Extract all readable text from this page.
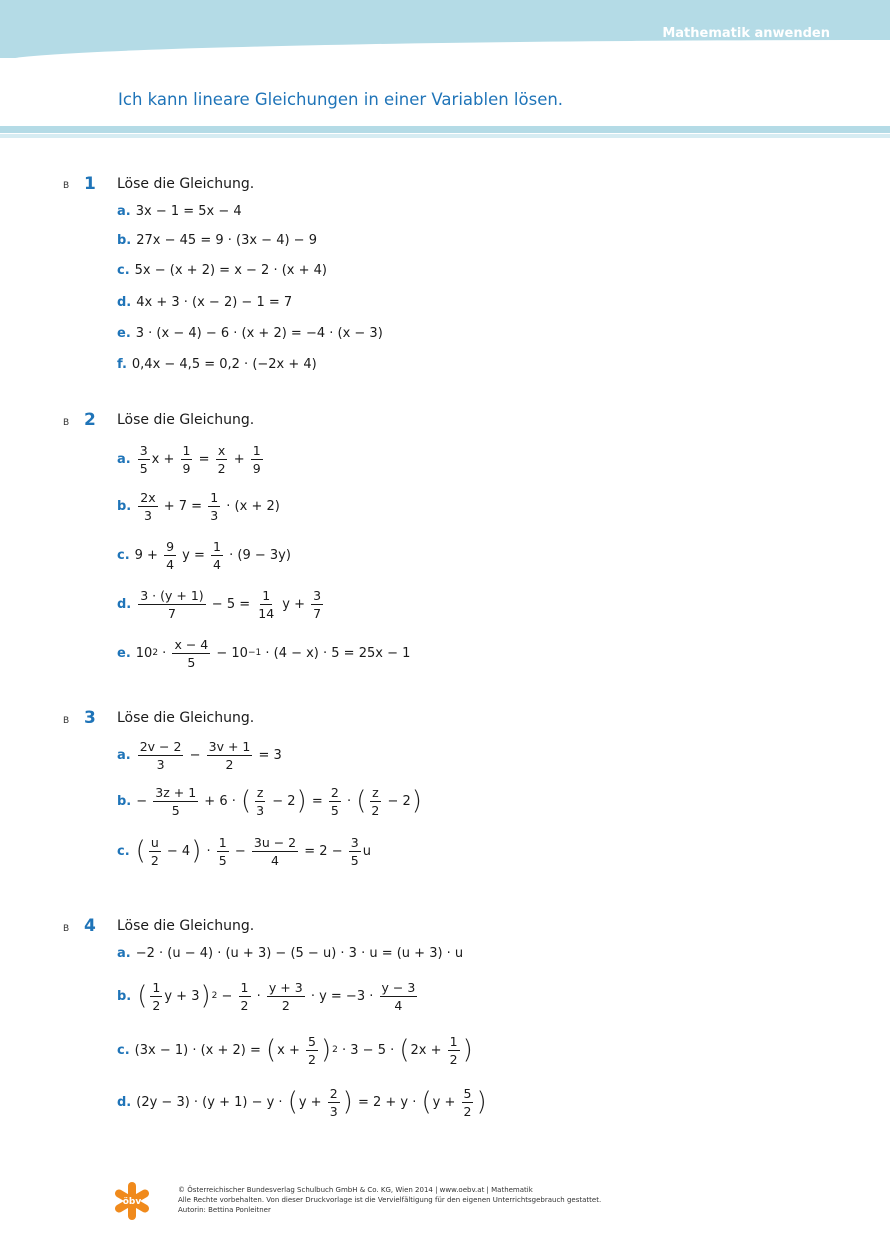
Mathematik anwenden
Ich kann lineare Gleichungen in einer Variablen lösen.
B 1 Löse die Gleichung.
a. 3x − 1 = 5x − 4
b. 27x − 45 = 9 · (3x − 4) − 9
c. 5x − (x + 2) = x − 2 · (x + 4)
d. 4x + 3 · (x − 2) − 1 = 7
e. 3 · (x − 4) − 6 · (x + 2) = −4 · (x − 3)
f. 0,4x − 4,5 = 0,2 · (−2x + 4)
B 2 Löse die Gleichung.
a.
3
5
x +
1
9
=
x
2
+
1
9
b.
2x
3
+ 7 =
1
3
· (x + 2)
c. 9 +
9
4
y =
1
4
· (9 − 3y)
d.
3 · (y + 1)
7
− 5 =
1
14
y +
3
7
e. 10 2 ·
x − 4
5
− 10 −1 · (4 − x) · 5 = 25x − 1
B 3 Löse die Gleichung.
a.
2v − 2
3
−
3v + 1
2
= 3
b. −
3z + 1
5
+ 6 · ( z
3
− 2 ) =
2
5
· ( z
2
− 2 )
c. ( u
2
− 4 ) ·
1
5
−
3u − 2
4
= 2 −
3
5
u
B 4 Löse die Gleichung.
a. −2 · (u − 4) · (u + 3) − (5 − u) · 3 · u = (u + 3) · u
b. ( 1
2
y + 3 ) 2 −
1
2
·
y + 3
2
· y = −3 ·
y − 3
4
c. (3x − 1) · (x + 2) = ( x +
5
2 ) 2 · 3 − 5 · ( 2x +
1
2 )
d. (2y − 3) · (y + 1) − y · ( y +
2
3 ) = 2 + y · ( y +
5
2 )
öbv
© Österreichischer Bundesverlag Schulbuch GmbH & Co. KG, Wien 2014 | www.oebv.at | Mathematik
Alle Rechte vorbehalten. Von dieser Druckvorlage ist die Vervielfältigung für den eigenen Unterrichtsgebrauch gestattet.
Autorin: Bettina Ponleitner
